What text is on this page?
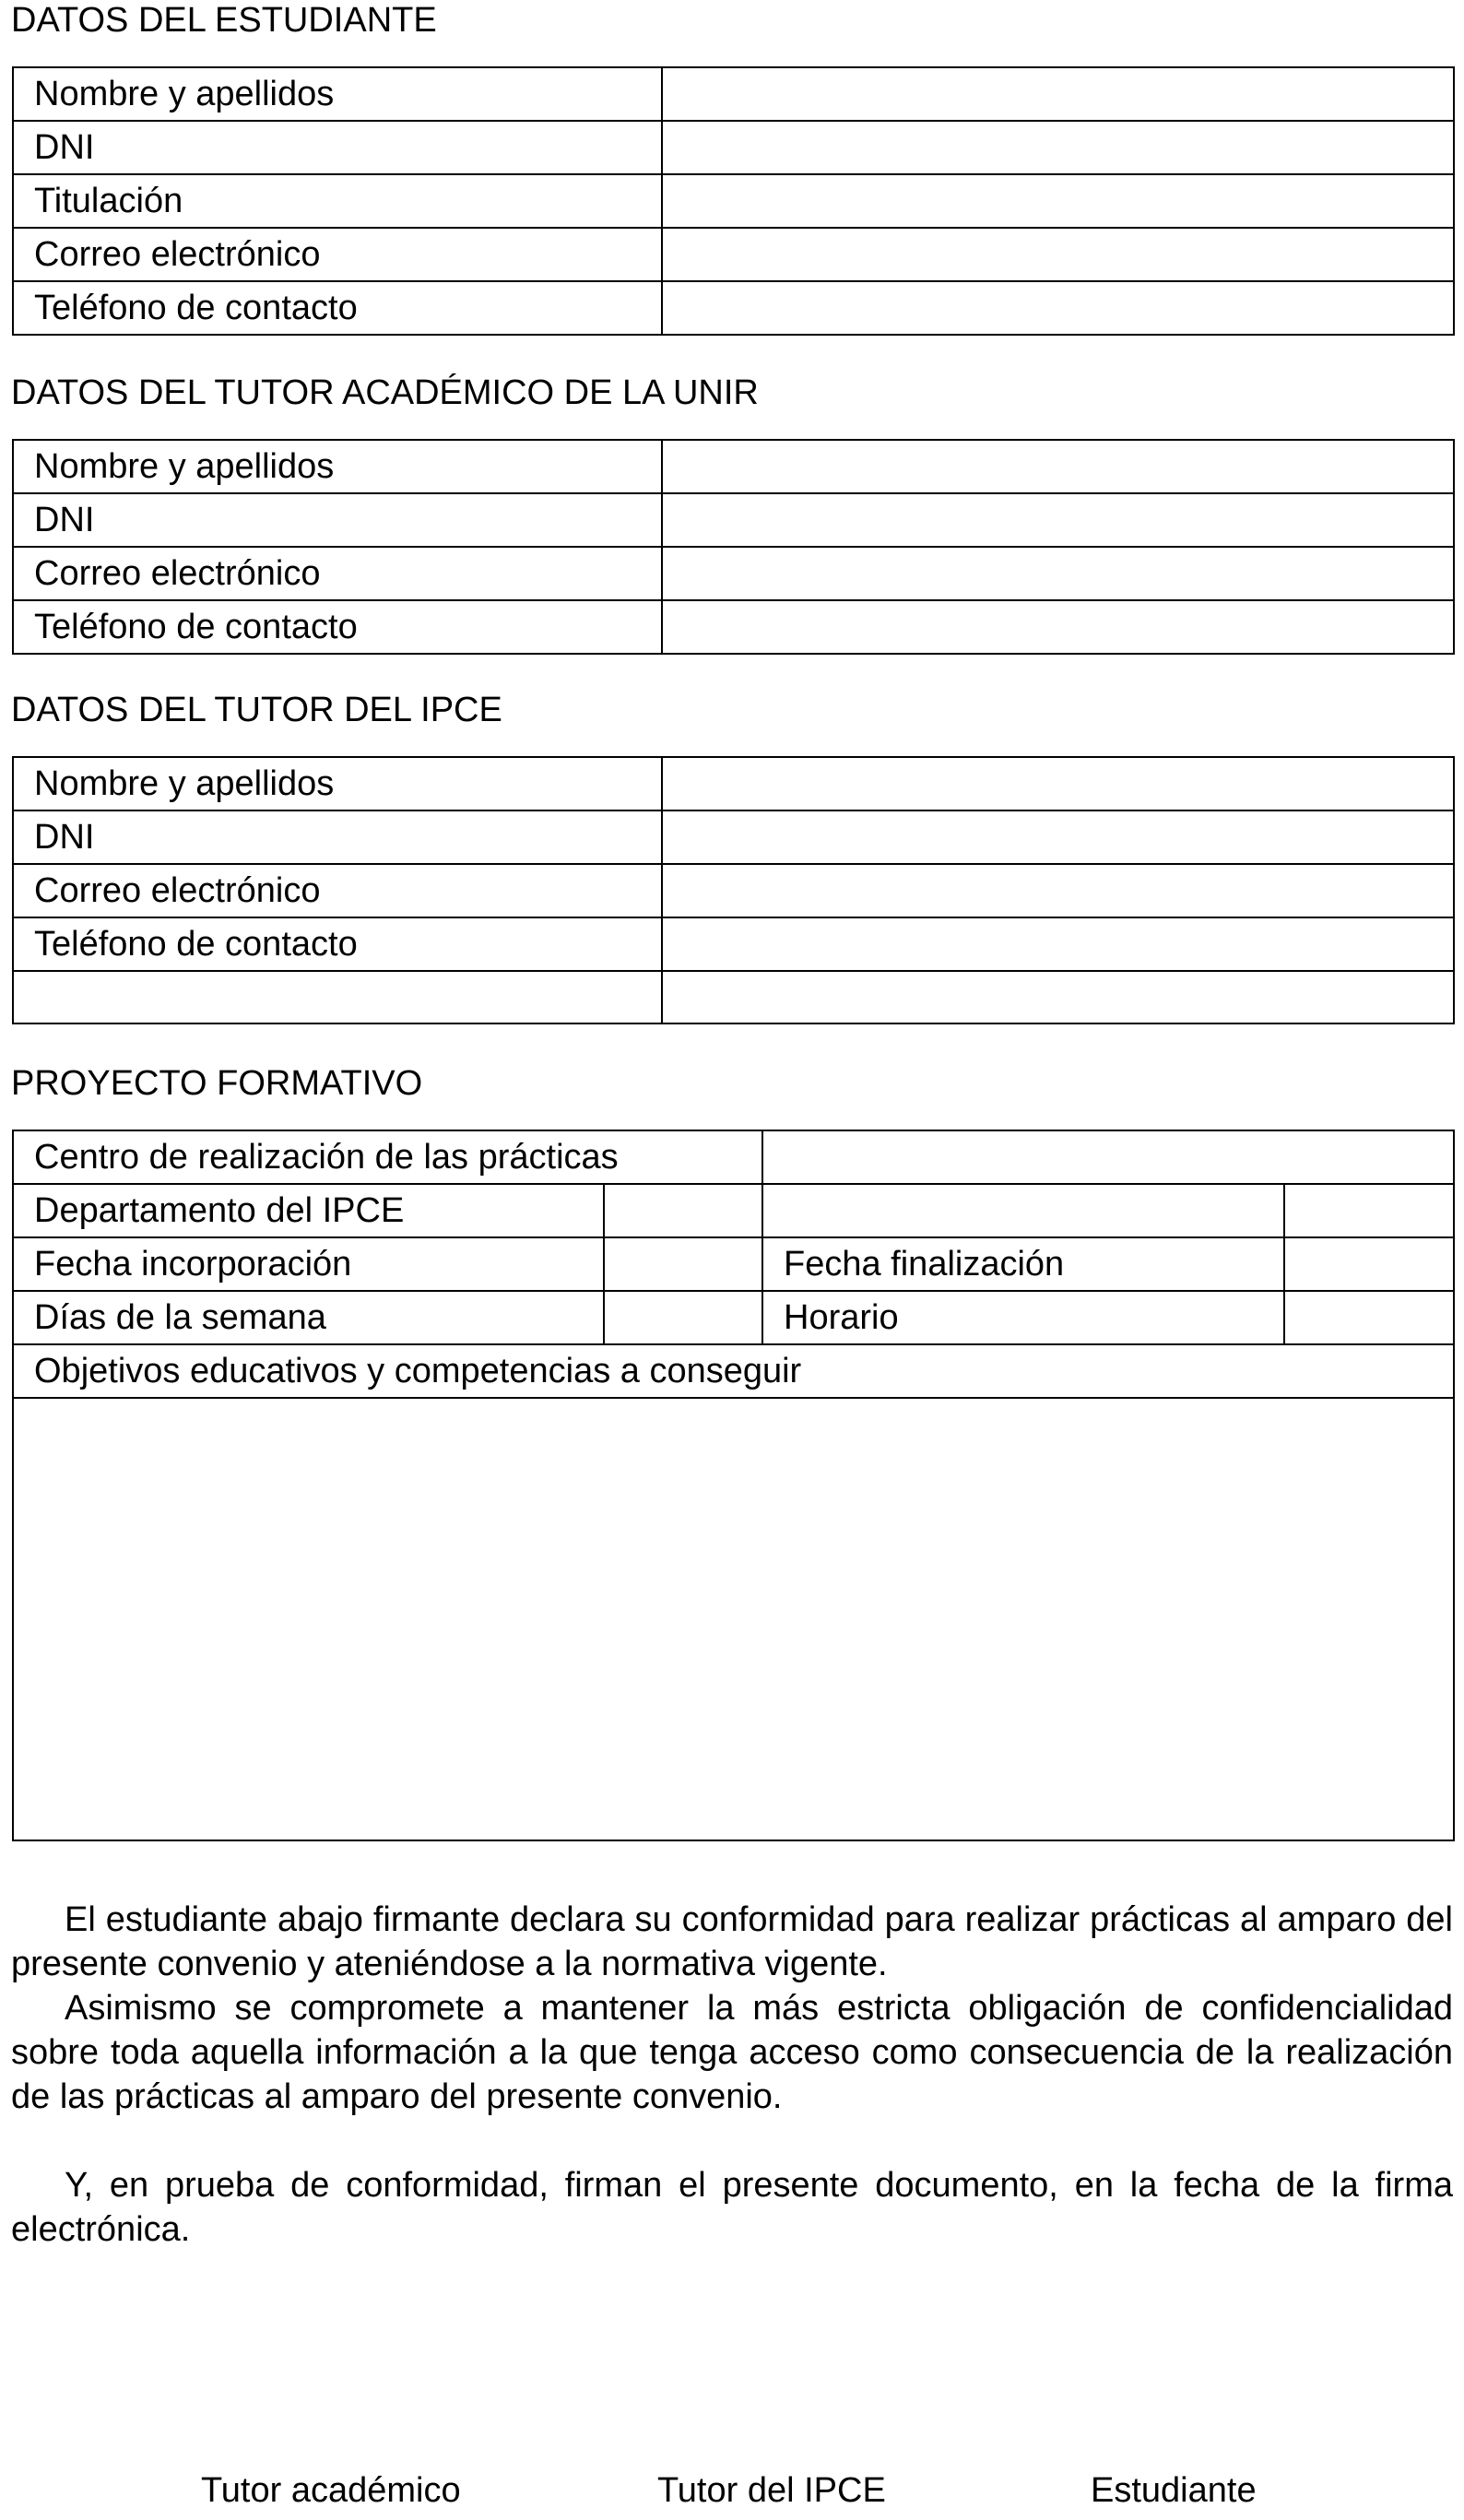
DATOS DEL ESTUDIANTE
Nombre y apellidos	
DNI	
Titulación	
Correo electrónico	
Teléfono de contacto	
DATOS DEL TUTOR ACADÉMICO DE LA UNIR
Nombre y apellidos	
DNI	
Correo electrónico	
Teléfono de contacto	
DATOS DEL TUTOR DEL IPCE
Nombre y apellidos	
DNI	
Correo electrónico	
Teléfono de contacto	

PROYECTO FORMATIVO
Centro de realización de las prácticas			
Departamento del IPCE			
Fecha incorporación		Fecha finalización	
Días de la semana		Horario	
Objetivos educativos y competencias a conseguir			

El estudiante abajo firmante declara su conformidad para realizar prácticas al amparo del presente convenio y ateniéndose a la normativa vigente.

Asimismo se compromete a mantener la más estricta obligación de confidencialidad sobre toda aquella información a la que tenga acceso como consecuencia de la realización de las prácticas al amparo del presente convenio.

Y, en prueba de conformidad, firman el presente documento, en la fecha de la firma electrónica.

Tutor académico	Tutor del IPCE	Estudiante
